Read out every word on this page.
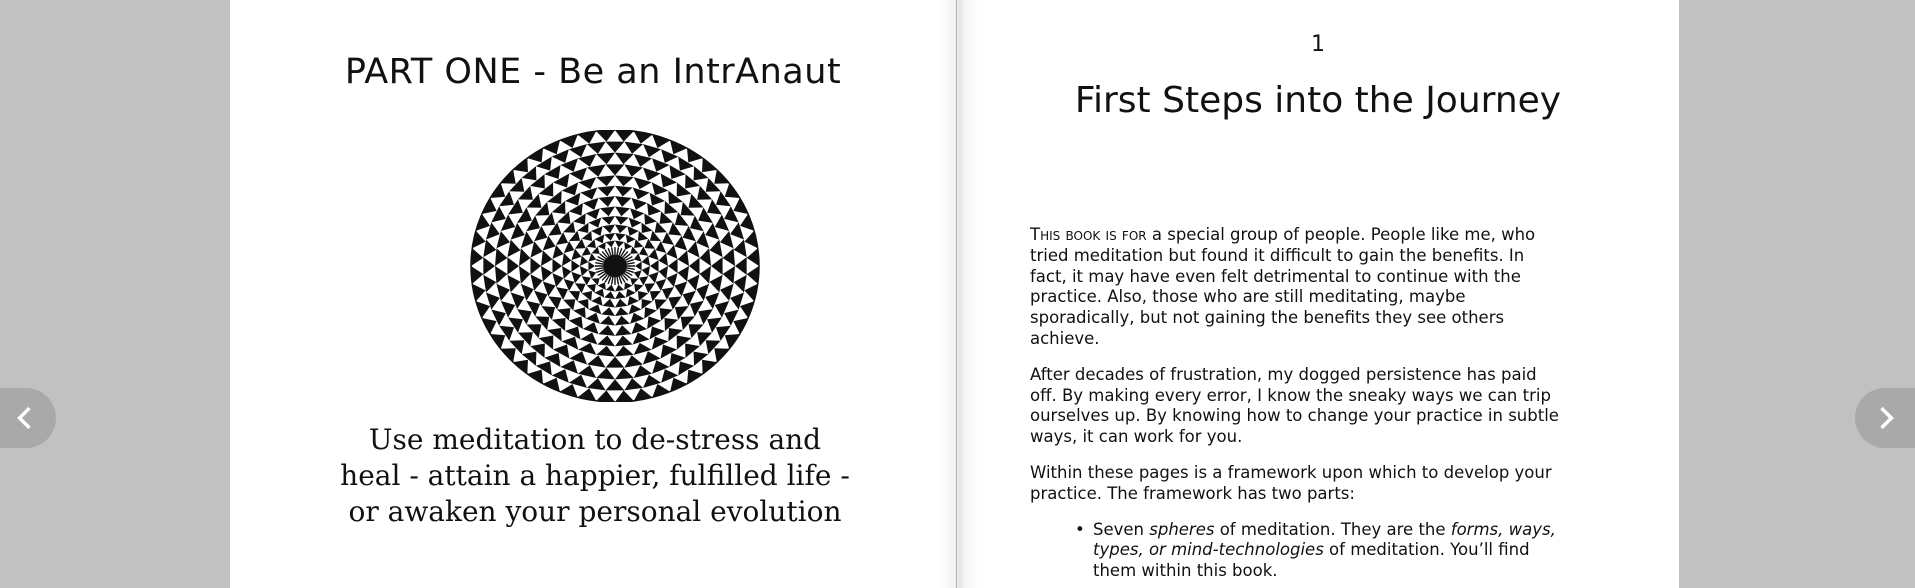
PART ONE - Be an IntrAnaut

Use meditation to de-stress and heal - attain a happier, fulfilled life - or awaken your personal evolution

1
First Steps into the Journey

This book is for a special group of people. People like me, who tried meditation but found it difficult to gain the benefits. In fact, it may have even felt detrimental to continue with the practice. Also, those who are still meditating, maybe sporadically, but not gaining the benefits they see others achieve.

After decades of frustration, my dogged persistence has paid off. By making every error, I know the sneaky ways we can trip ourselves up. By knowing how to change your practice in subtle ways, it can work for you.

Within these pages is a framework upon which to develop your practice. The framework has two parts:

• Seven spheres of meditation. They are the forms, ways, types, or mind-technologies of meditation. You’ll find them within this book.
